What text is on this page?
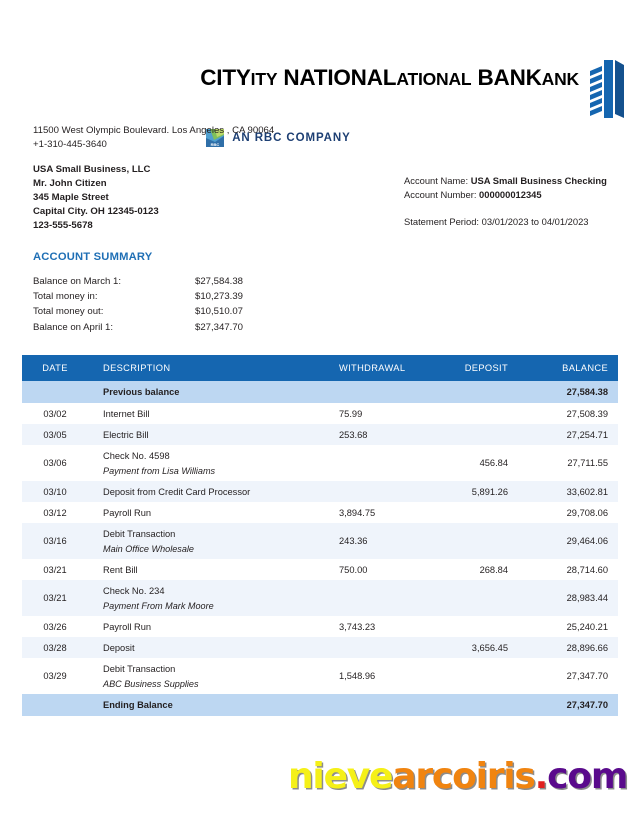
CITYITY NATIONALATIONAL BANKANK
RBC
AN RBC COMPANY
11500 West Olympic Boulevard. Los Angeles , CA 90064
+1-310-445-3640
USA Small Business, LLC
Mr. John Citizen
345 Maple Street
Capital City. OH 12345-0123
123-555-5678
Account Name: USA Small Business Checking
Account Number: 000000012345
Statement Period: 03/01/2023 to 04/01/2023
ACCOUNT SUMMARY
Balance on March 1:	$27,584.38
Total money in:	$10,273.39
Total money out:	$10,510.07
Balance on April 1:	$27,347.70
DATE	DESCRIPTION	WITHDRAWAL	DEPOSIT	BALANCE
	Previous balance			27,584.38
03/02	Internet Bill	75.99		27,508.39
03/05	Electric Bill	253.68		27,254.71
03/06	Check No. 4598
Payment from Lisa Williams		456.84	27,711.55
03/10	Deposit from Credit Card Processor		5,891.26	33,602.81
03/12	Payroll Run	3,894.75		29,708.06
03/16	Debit Transaction
Main Office Wholesale	243.36		29,464.06
03/21	Rent Bill	750.00	268.84	28,714.60
03/21	Check No. 234
Payment From Mark Moore			28,983.44
03/26	Payroll Run	3,743.23		25,240.21
03/28	Deposit		3,656.45	28,896.66
03/29	Debit Transaction
ABC Business Supplies	1,548.96		27,347.70
	Ending Balance			27,347.70
nievearcoiris.com
